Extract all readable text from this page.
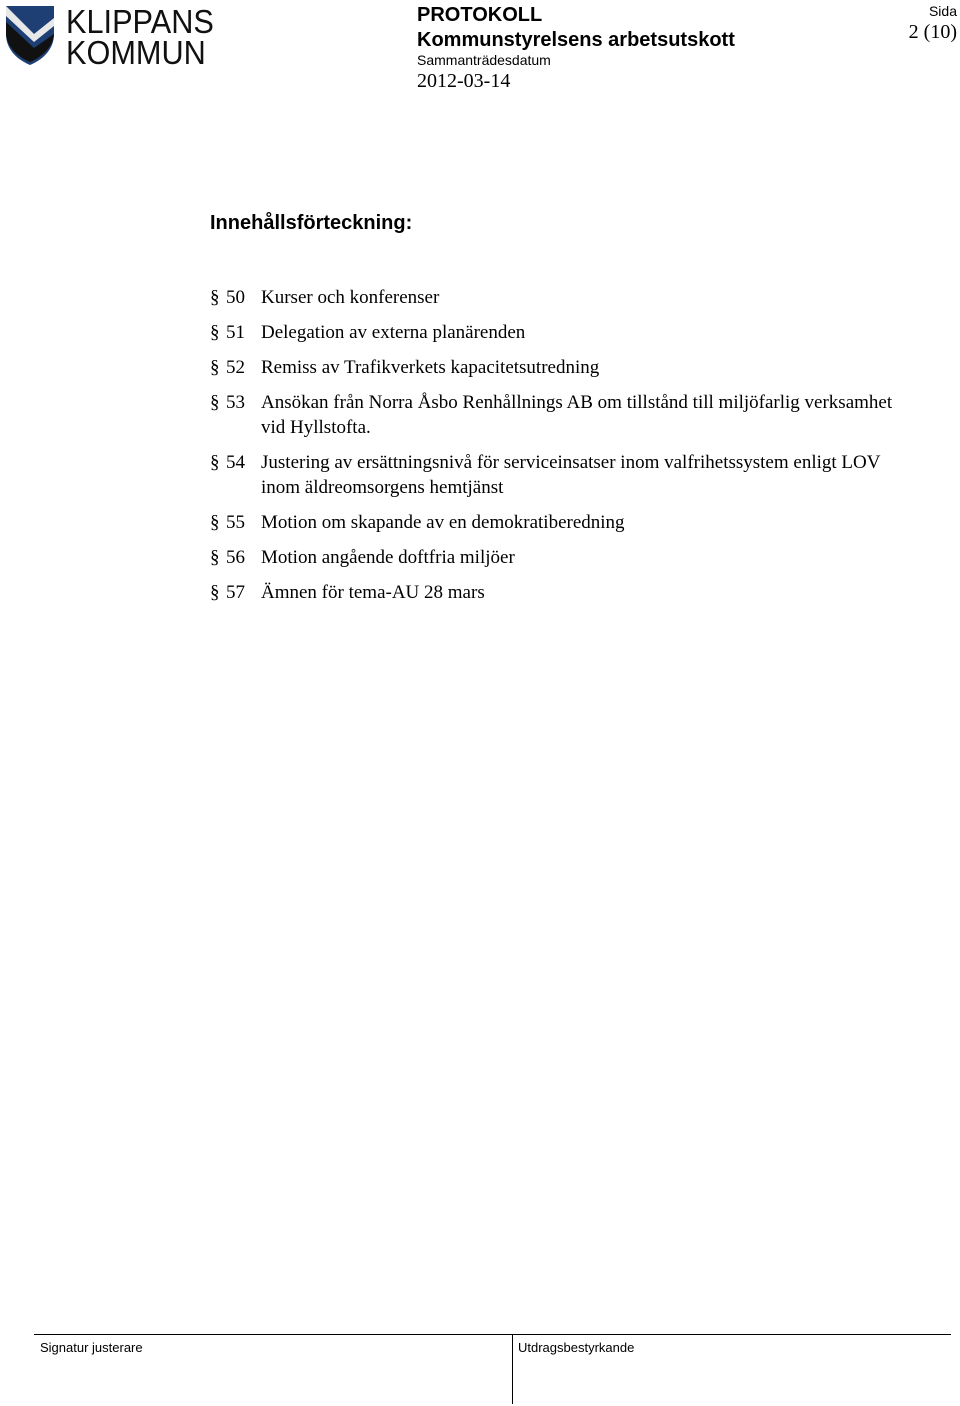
KLIPPANS
KOMMUN
PROTOKOLL
Kommunstyrelsens arbetsutskott
Sammanträdesdatum
2012-03-14
Sida
2 (10)
Innehållsförteckning:
§ 50 Kurser och konferenser
§ 51 Delegation av externa planärenden
§ 52 Remiss av Trafikverkets kapacitetsutredning
§ 53 Ansökan från Norra Åsbo Renhållnings AB om tillstånd till miljöfarlig verksamhet vid Hyllstofta.
§ 54 Justering av ersättningsnivå för serviceinsatser inom valfrihetssystem enligt LOV inom äldreomsorgens hemtjänst
§ 55 Motion om skapande av en demokratiberedning
§ 56 Motion angående doftfria miljöer
§ 57 Ämnen för tema-AU 28 mars
Signatur justerare	Utdragsbestyrkande
